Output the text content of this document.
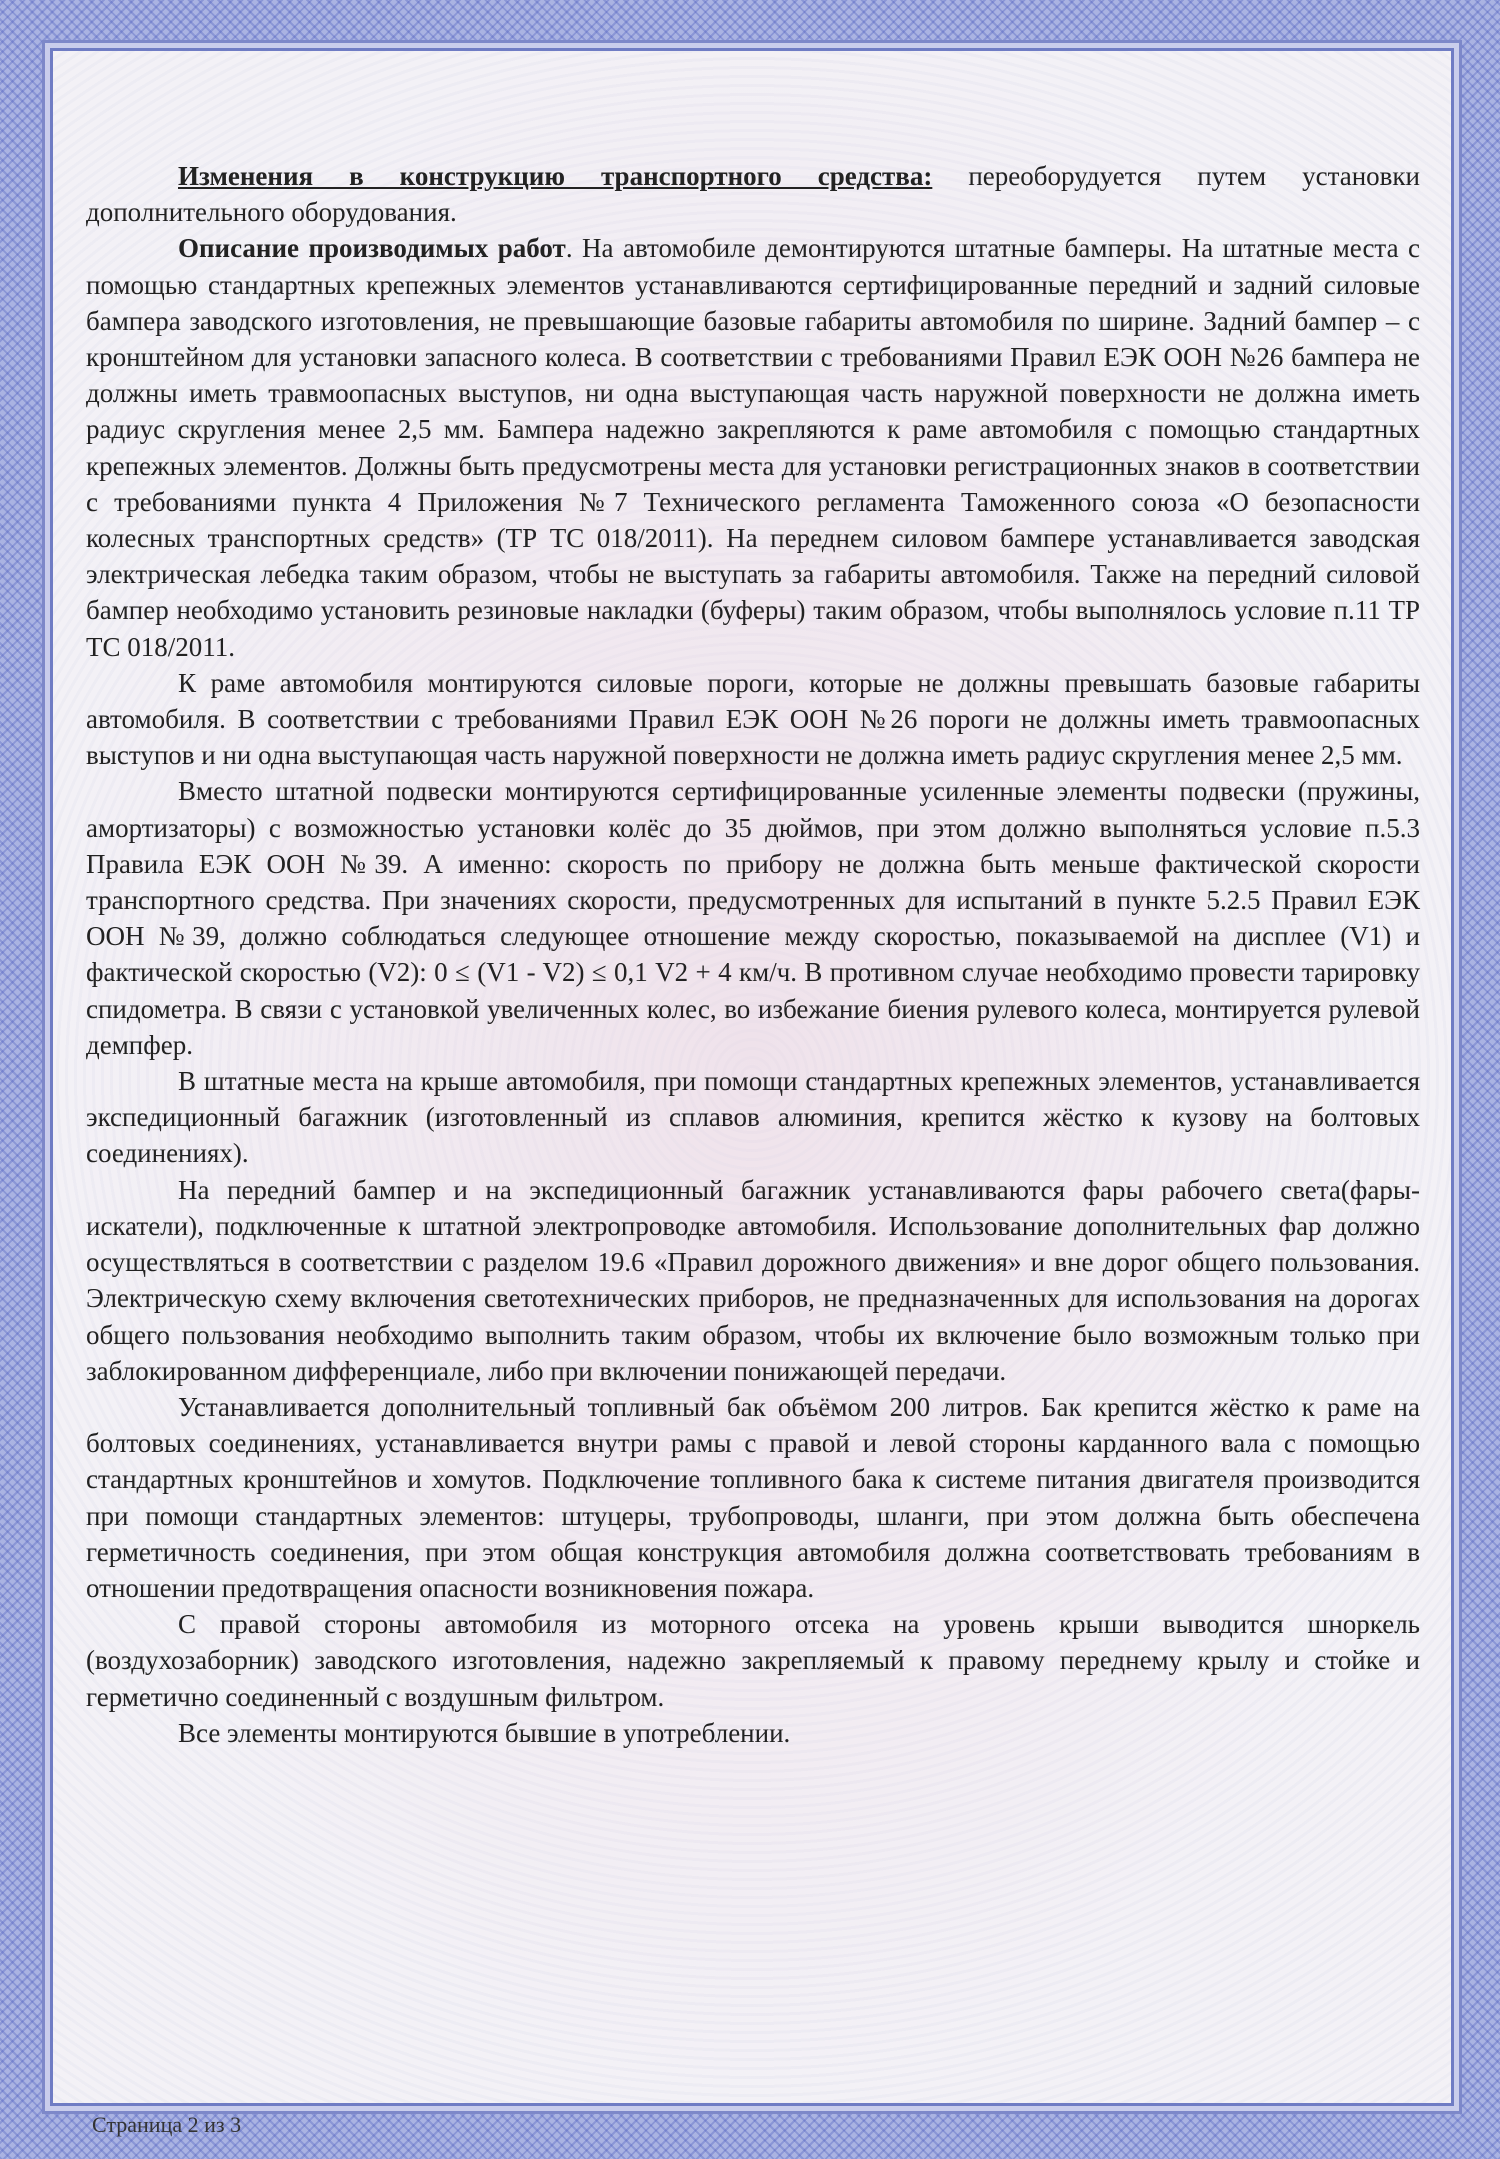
Изменения в конструкцию транспортного средства: переоборудуется путем установки дополнительного оборудования.

Описание производимых работ. На автомобиле демонтируются штатные бамперы. На штатные места с помощью стандартных крепежных элементов устанавливаются сертифицированные передний и задний силовые бампера заводского изготовления, не превышающие базовые габариты автомобиля по ширине. Задний бампер – с кронштейном для установки запасного колеса. В соответствии с требованиями Правил ЕЭК ООН №26 бампера не должны иметь травмоопасных выступов, ни одна выступающая часть наружной поверхности не должна иметь радиус скругления менее 2,5 мм. Бампера надежно закрепляются к раме автомобиля с помощью стандартных крепежных элементов. Должны быть предусмотрены места для установки регистрационных знаков в соответствии с требованиями пункта 4 Приложения №7 Технического регламента Таможенного союза «О безопасности колесных транспортных средств» (ТР ТС 018/2011). На переднем силовом бампере устанавливается заводская электрическая лебедка таким образом, чтобы не выступать за габариты автомобиля. Также на передний силовой бампер необходимо установить резиновые накладки (буферы) таким образом, чтобы выполнялось условие п.11 ТР ТС 018/2011.

К раме автомобиля монтируются силовые пороги, которые не должны превышать базовые габариты автомобиля. В соответствии с требованиями Правил ЕЭК ООН №26 пороги не должны иметь травмоопасных выступов и ни одна выступающая часть наружной поверхности не должна иметь радиус скругления менее 2,5 мм.

Вместо штатной подвески монтируются сертифицированные усиленные элементы подвески (пружины, амортизаторы) с возможностью установки колёс до 35 дюймов, при этом должно выполняться условие п.5.3 Правила ЕЭК ООН №39. А именно: скорость по прибору не должна быть меньше фактической скорости транспортного средства. При значениях скорости, предусмотренных для испытаний в пункте 5.2.5 Правил ЕЭК ООН №39, должно соблюдаться следующее отношение между скоростью, показываемой на дисплее (V1) и фактической скоростью (V2): 0 ≤ (V1 - V2) ≤ 0,1 V2 + 4 км/ч. В противном случае необходимо провести тарировку спидометра. В связи с установкой увеличенных колес, во избежание биения рулевого колеса, монтируется рулевой демпфер.

В штатные места на крыше автомобиля, при помощи стандартных крепежных элементов, устанавливается экспедиционный багажник (изготовленный из сплавов алюминия, крепится жёстко к кузову на болтовых соединениях).

На передний бампер и на экспедиционный багажник устанавливаются фары рабочего света(фары-искатели), подключенные к штатной электропроводке автомобиля. Использование дополнительных фар должно осуществляться в соответствии с разделом 19.6 «Правил дорожного движения» и вне дорог общего пользования. Электрическую схему включения светотехнических приборов, не предназначенных для использования на дорогах общего пользования необходимо выполнить таким образом, чтобы их включение было возможным только при заблокированном дифференциале, либо при включении понижающей передачи.

Устанавливается дополнительный топливный бак объёмом 200 литров. Бак крепится жёстко к раме на болтовых соединениях, устанавливается внутри рамы с правой и левой стороны карданного вала с помощью стандартных кронштейнов и хомутов. Подключение топливного бака к системе питания двигателя производится при помощи стандартных элементов: штуцеры, трубопроводы, шланги, при этом должна быть обеспечена герметичность соединения, при этом общая конструкция автомобиля должна соответствовать требованиям в отношении предотвращения опасности возникновения пожара.

С правой стороны автомобиля из моторного отсека на уровень крыши выводится шноркель (воздухозаборник) заводского изготовления, надежно закрепляемый к правому переднему крылу и стойке и герметично соединенный с воздушным фильтром.

Все элементы монтируются бывшие в употреблении.

Страница 2 из 3
